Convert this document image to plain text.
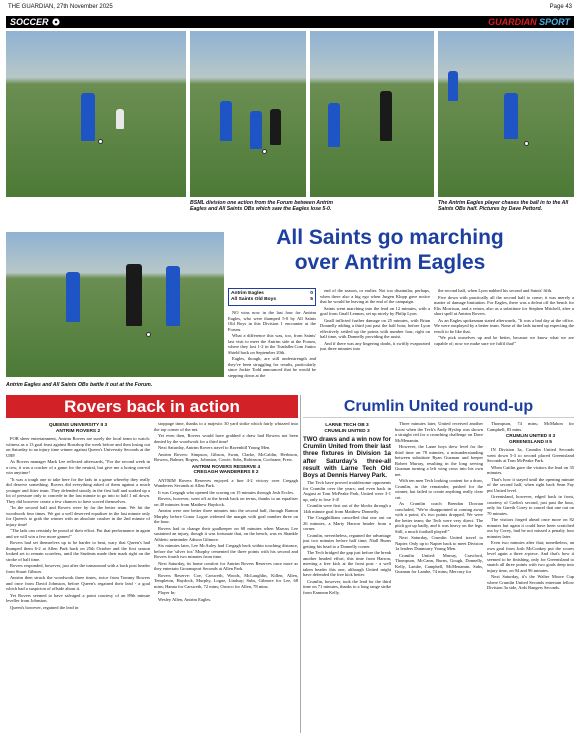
THE GUARDIAN, 27th November 2025	Page 43
SOCCER	GUARDIAN SPORT
BSML division one action from the Forum between Antrim Eagles and All Saints OBs which saw the Eagles lose 5-0.
The Antrim Eagles player chases the ball in to the All Saints OBs half. Pictures by Dave Pettord.
Antrim Eagles and All Saints OBs battle it out at the Forum.
All Saints go marching
over Antrim Eagles
Antrim Eagles	0
All Saints Old Boys	5

NO wins now in the last four for Antrim Eagles, who were thumped 5-0 by All Saints Old Boys in this Division 1 encounter at the Forum.

What a difference this was, too, from Saints' last visit to meet the Antrim side at the Forum, where they lost 1-2 in the Toadaller.Com Junior Shield back on September 20th.

Eagles, though, are still understrength and they've been struggling for results, particularly since Jackie Todd announced that he would be stepping down at the

end of the season, or earlier. Not too dissimilar, perhaps, when there also a big ego when Jurgen Klopp gave notice that he would be leaving at the end of the campaign.

Saints went marching into the lead on 12 minutes, with a goal from Gnall Lennon, set up nicely by Philip Lyon.

Gnall inflicted further damage on 25 minutes, with Brian Donnelly adding a third just past the half hour, before Lyon effectively settled up the points with number four, right on half time, with Donnelly providing the assist.

And if there was any lingering doubt, it swiftly evaporated just three minutes into

the second half, when Lyon nabbed his second and Saints' fifth.

Five down with practically all the second half to come; it was merely a matter of damage limitation. For Eagles, there was a defeat off the bench for Elis Morrison, and a return, also as a substitute for Stephen Mitchell, after a short spell at Antrim Rovers.

As an Eagles spokesman stated afterwards, "It was a bad day at the office. We were outplayed by a better team. None of the lads turned up expecting the result to be like that.

"We pick ourselves up and be better, because we know what we are capable of; now we make sure we fulfil that!"

Rovers back in action

QUEENS UNIVERSITY II 3
ANTRIM ROVERS 2

FOR sheer entertainment, Antrim Rovers are surely the local team to watch: witness as a 13 goal feast against Rostrhop the week before and then losing out on Saturday to an injury time winner against Queen's University Seconds at the UBP.

As Rovers manager Mark Lee reflected afterwards, "For the second week in a row, it was a cracker of a game for the neutral, but give me a boring one-nil win anytime!

"It was a tough one to take here for the lads in a game whereby they really did deserve something. Rovers did everything asked of them against a much younger and fitter team. They defended stoutly in the first half and soaked up a lot of pressure only to concede in the last minute to go into to half 1 nil down. They did however create a few chances to have scored themselves.

"In the second half and Rovers were by far the better team. We hit the woodwork four times. We got a well deserved equaliser in the last minute only for Queen's to grab the winner with an absolute crusher in the 2nd minute of injury time!

"The lads can certainly be proud of their effort. Put that performance in again and we will win a few more games!"

Rovers had set themselves up to be harder to beat, wary that Queen's had thumped them 6-2 at Allen Park back on 25th October and the first season looked set to remain scoreless, until the Students made their mark right on the stroke of half time.

Rovers responded, however, just after the turnaround with a back post header from Stuart Gibson.

Antrim then struck the woodwork three times, twice from Tommy Bowers and once from David Johnston, before Queen's regained their lead - a goal which had a suspicion of offside about it.

Yet Rovers seemed to have salvaged a point courtesy of an 89th minute leveller from Johnston.

Queen's however, regained the lead in

stoppage time, thanks to a majestic 30 yard strike which fairly whizzed into the top corner of the net.

Yet even then, Rovers would have grabbed a draw had Bowers not been denied by the woodwork for a third time!

Next Saturday, Antrim Rovers travel to Ravenhill Young Men.

Antrim Rovers: Simpson, Gibson, Swan, Clarke, McCaldin, Herbison, Bowers, Balmer, Rogers, Johnston, Cowie; Subs, Robinson, Cochrane, Frew.

ANTRIM ROVERS RESERVE 4
CREGAGH WANDERERS II 2

ANTRIM Rovers Reserves enjoyed a fine 4-2 victory over Cregagh Wanderers Seconds at Allen Park.

It was Cregagh who opened the scoring on 15 minutes through Josh Eccles.

Rovers, however, went off at the break back on terms, thanks to an equaliser on 40 minutes from Matthew Haydock.

Antrim were one better three minutes into the second half, through Ramon Murphy before Conor Logue widened the margin with goal number three on the hour.

Rovers had to change their goalkeeper on 68 minutes when Marcus Lee sustained an injury, though it was fortunate that, on the bench, was ex Shankle Athletic netminder Adison Gilmore.

Six minutes later, Lee McAuley had Cregagh back within touching distance, before the 'silver fox' Murphy cemented the three points with his second and Rovers fourth two minutes from time.

Next Saturday, its home comfort for Antrim Rovers Reserves once more as they entertain Groomsport Seconds at Allen Park.

Rovers Reserve: Coe, Carsweth, Woods, McLaughlin, Killen, Allen, Templeton, Haydock, Murphy, Logue, Lindsay; Subs, Gilmore for Lee, 68 mins; Hanna for Carsweth, 72 mins; Orozco for Allen, 78 mins.

Player In:

Wesley Allen, Antrim Eagles.

Crumlin United round-up

LARNE TECH OB 3
CRUMLIN UNITED 3

TWO draws and a win now for Crumlin United from their last three fixtures in Division 1a after Saturday's three-all result with Larne Tech Old Boys at Dennis Harvey Park.

The Tech have proved troublesome opponents for Crumlin over the years; and even back in August at Tom McPeake Park, United were 3-1 up, only to lose 3-4!

Crumlin were first out of the blocks through a 14th minute goal from Matthew Donnelly.

The Cragghillians cancelled that one out on 26 minutes, a Marty Harron header from a corner.

Crumlin, nevertheless, regained the advantage just two minutes before half time; Niall Burns getting his head to a Donnelly corner.

The Tech bridged the gap just before the break another headed effort, this time from Harron, meeting a free kick at the front post - a well taken header this one, although United might have defended the free kick better.

Crumlin, however, took the lead for the third time on 71 minutes, thanks to a long range strike from Eamonn Kelly.

Three minutes later, United received another boost when the Tech's Andy Hyslop was shown a straight red for a crunching challenge on Dave McMenamin.

However, the Larne boys drew level for the third time on 78 minutes, a misunderstanding between substitute Ryan Guzman and keeper Robert Murray, resulting in the long serving Guzman turning a left wing cross into his own net.

With ten men Tech looking content for a draw, Crumlin, in the remainder, pushed for the winner, but failed to create anything really clear cut.

As Crumlin coach Brendan Dorrian concluded, "We're disappointed at coming away with a point; it's two points dropped. We were the better team; the Tech were very direct. The pitch got up badly, and it was heavy on the legs. Still, a much football played!"

Next Saturday, Crumlin United travel to Napier. Only up to Napier back to meet Division 1a leaders Dunmurry Young Men.

Crumlin United: Murray, Crawford, Thompson, McCann, Burns, Gough, Donnelly, Kelly, Lambe, Campbell, McMenamin. Subs, Guzman for Lambe, 74 mins; Mercury for

Thompson, 74 mins; McMahon for Campbell, 83 mins.

CRUMLIN UNITED II 3
GREENISLAND II 5

IN Division 3a, Crumlin United Seconds went down 5-3 to second placed Greenisland Seconds at Tom McPeake Park.

When Caitlin gave the visitors the lead on 35 minutes.

That's how it stayed until the opening minute of the second half, when right back Sean Fay put United level.

Greenisland, however, edged back in front, courtesy of Carlin's second, just past the hour, only for Gareth Corey to cancel that one out on 70 minutes.

The visitors forged ahead once more on 82 minutes but again it could have been scratched out by Corey, had he not missed a penalty four minutes later.

Even two minutes after that; nonetheless, an own goal from Josh McConkey put the scores level again a three a-piece. And that's how it seemed to be finishing, only for Greenisland to snatch all three points with two goals deep into injury time, on 94 and 96 minutes.

Next Saturday, it's the Walter Moore Cup where Crumlin United Seconds entertain fellow Division 3a side, Ards Rangers Seconds.
